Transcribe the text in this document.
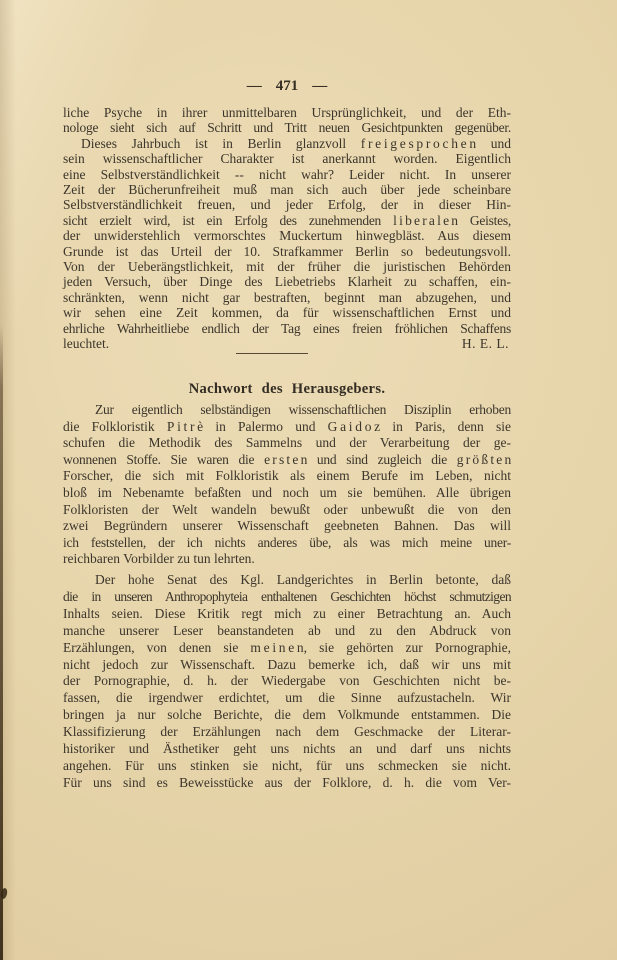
— 471 —
liche Psyche in ihrer unmittelbaren Ursprünglichkeit, und der Eth-
nologe sieht sich auf Schritt und Tritt neuen Gesichtpunkten gegenüber.
Dieses Jahrbuch ist in Berlin glanzvoll f r e i g e s p r o c h e n und
sein wissenschaftlicher Charakter ist anerkannt worden. Eigentlich
eine Selbstverständlichkeit -- nicht wahr? Leider nicht. In unserer
Zeit der Bücherunfreiheit muß man sich auch über jede scheinbare
Selbstverständlichkeit freuen, und jeder Erfolg, der in dieser Hin-
sicht erzielt wird, ist ein Erfolg des zunehmenden l i b e r a l e n Geistes,
der unwiderstehlich vermorschtes Muckertum hinwegbläst. Aus diesem
Grunde ist das Urteil der 10. Strafkammer Berlin so bedeutungsvoll.
Von der Ueberängstlichkeit, mit der früher die juristischen Behörden
jeden Versuch, über Dinge des Liebetriebs Klarheit zu schaffen, ein-
schränkten, wenn nicht gar bestraften, beginnt man abzugehen, und
wir sehen eine Zeit kommen, da für wissenschaftlichen Ernst und
ehrliche Wahrheitliebe endlich der Tag eines freien fröhlichen Schaffens
leuchtet.	H. E. L.
Nachwort des Herausgebers.
Zur eigentlich selbständigen wissenschaftlichen Disziplin erhoben
die Folkloristik P i t r è in Palermo und G a i d o z in Paris, denn sie
schufen die Methodik des Sammelns und der Verarbeitung der ge-
wonnenen Stoffe. Sie waren die e r s t e n und sind zugleich die g r ö ß t e n
Forscher, die sich mit Folkloristik als einem Berufe im Leben, nicht
bloß im Nebenamte befaßten und noch um sie bemühen. Alle übrigen
Folkloristen der Welt wandeln bewußt oder unbewußt die von den
zwei Begründern unserer Wissenschaft geebneten Bahnen. Das will
ich feststellen, der ich nichts anderes übe, als was mich meine uner-
reichbaren Vorbilder zu tun lehrten.
Der hohe Senat des Kgl. Landgerichtes in Berlin betonte, daß
die in unseren Anthropophyteia enthaltenen Geschichten höchst schmutzigen
Inhalts seien. Diese Kritik regt mich zu einer Betrachtung an. Auch
manche unserer Leser beanstandeten ab und zu den Abdruck von
Erzählungen, von denen sie m e i n e n, sie gehörten zur Pornographie,
nicht jedoch zur Wissenschaft. Dazu bemerke ich, daß wir uns mit
der Pornographie, d. h. der Wiedergabe von Geschichten nicht be-
fassen, die irgendwer erdichtet, um die Sinne aufzustacheln. Wir
bringen ja nur solche Berichte, die dem Volkmunde entstammen. Die
Klassifizierung der Erzählungen nach dem Geschmacke der Literar-
historiker und Ästhetiker geht uns nichts an und darf uns nichts
angehen. Für uns stinken sie nicht, für uns schmecken sie nicht.
Für uns sind es Beweisstücke aus der Folklore, d. h. die vom Ver-
